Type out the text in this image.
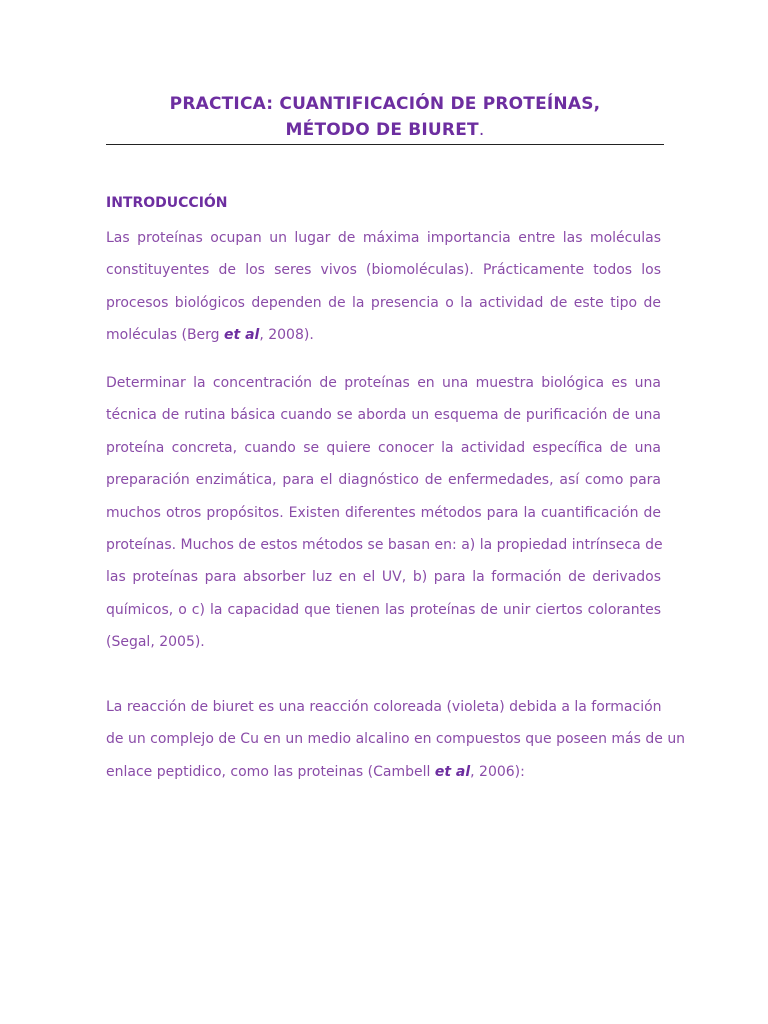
PRACTICA: CUANTIFICACIÓN DE PROTEÍNAS,
MÉTODO DE BIURET.
INTRODUCCIÓN
Las proteínas ocupan un lugar de máxima importancia entre las moléculas
constituyentes de los seres vivos (biomoléculas). Prácticamente todos los
procesos biológicos dependen de la presencia o la actividad de este tipo de
moléculas (Berg et al, 2008).
Determinar la concentración de proteínas en una muestra biológica es una
técnica de rutina básica cuando se aborda un esquema de purificación de una
proteína concreta, cuando se quiere conocer la actividad específica de una
preparación enzimática, para el diagnóstico de enfermedades, así como para
muchos otros propósitos. Existen diferentes métodos para la cuantificación de
proteínas. Muchos de estos métodos se basan en: a) la propiedad intrínseca de
las proteínas para absorber luz en el UV, b) para la formación de derivados
químicos, o c) la capacidad que tienen las proteínas de unir ciertos colorantes
(Segal, 2005).
La reacción de biuret es una reacción coloreada (violeta) debida a la formación
de un complejo de Cu en un medio alcalino en compuestos que poseen más de un
enlace peptidico, como las proteinas (Cambell et al, 2006):
